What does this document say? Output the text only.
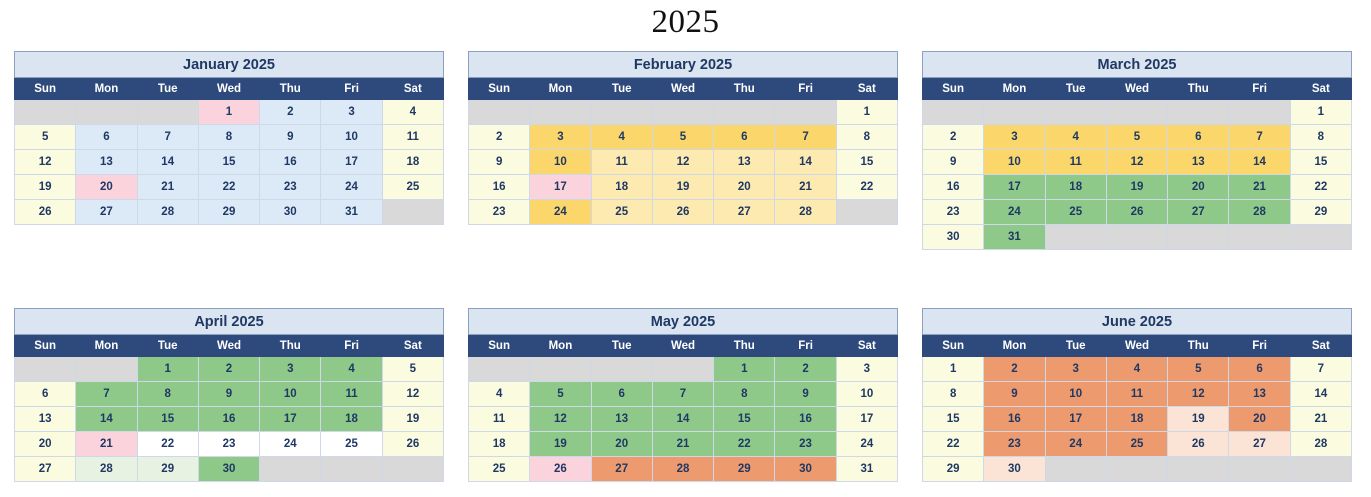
2025
January 2025						
Sun	Mon	Tue	Wed	Thu	Fri	Sat
			1	2	3	4
5	6	7	8	9	10	11
12	13	14	15	16	17	18
19	20	21	22	23	24	25
26	27	28	29	30	31	
February 2025						
Sun	Mon	Tue	Wed	Thu	Fri	Sat
						1
2	3	4	5	6	7	8
9	10	11	12	13	14	15
16	17	18	19	20	21	22
23	24	25	26	27	28	
March 2025						
Sun	Mon	Tue	Wed	Thu	Fri	Sat
						1
2	3	4	5	6	7	8
9	10	11	12	13	14	15
16	17	18	19	20	21	22
23	24	25	26	27	28	29
30	31					
April 2025						
Sun	Mon	Tue	Wed	Thu	Fri	Sat
		1	2	3	4	5
6	7	8	9	10	11	12
13	14	15	16	17	18	19
20	21	22	23	24	25	26
27	28	29	30			
May 2025						
Sun	Mon	Tue	Wed	Thu	Fri	Sat
				1	2	3
4	5	6	7	8	9	10
11	12	13	14	15	16	17
18	19	20	21	22	23	24
25	26	27	28	29	30	31
June 2025						
Sun	Mon	Tue	Wed	Thu	Fri	Sat
1	2	3	4	5	6	7
8	9	10	11	12	13	14
15	16	17	18	19	20	21
22	23	24	25	26	27	28
29	30					
